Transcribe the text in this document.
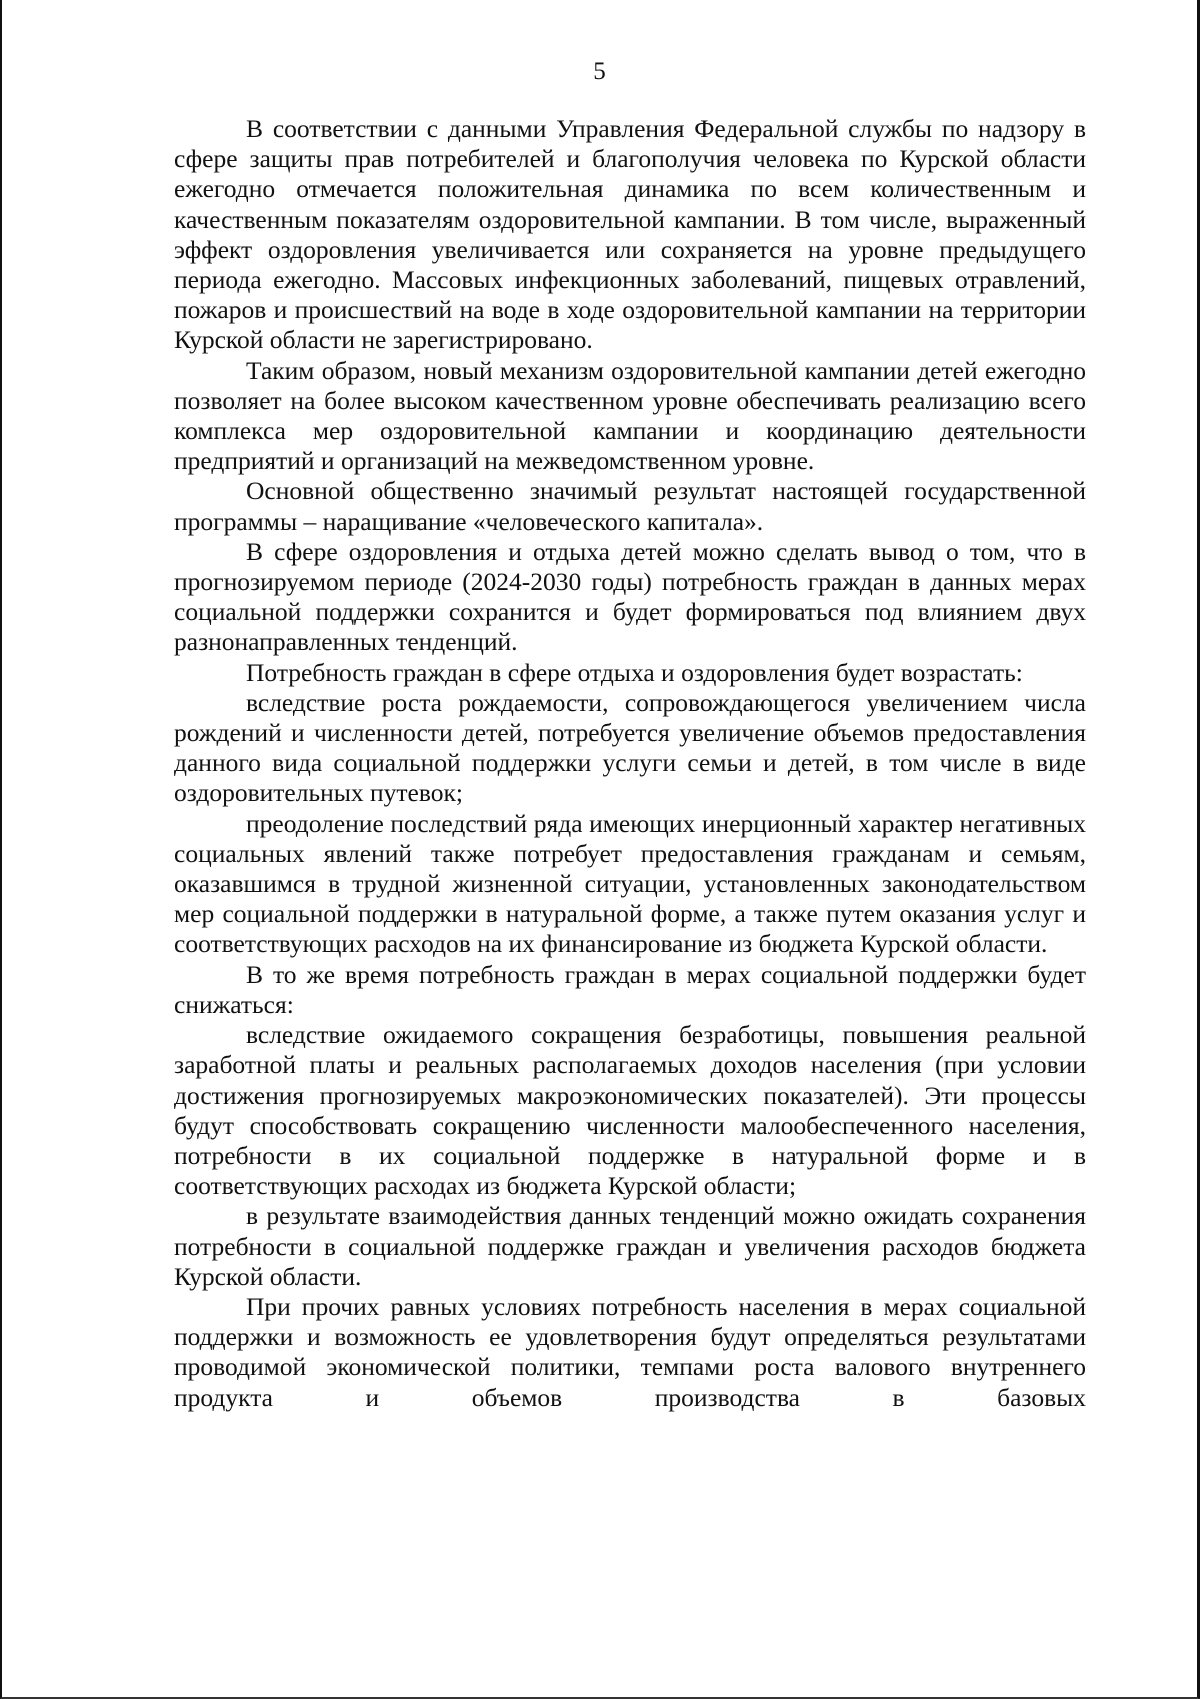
5

В соответствии с данными Управления Федеральной службы по надзору в сфере защиты прав потребителей и благополучия человека по Курской области ежегодно отмечается положительная динамика по всем количественным и качественным показателям оздоровительной кампании. В том числе, выраженный эффект оздоровления увеличивается или сохраняется на уровне предыдущего периода ежегодно. Массовых инфекционных заболеваний, пищевых отравлений, пожаров и происшествий на воде в ходе оздоровительной кампании на территории Курской области не зарегистрировано.

Таким образом, новый механизм оздоровительной кампании детей ежегодно позволяет на более высоком качественном уровне обеспечивать реализацию всего комплекса мер оздоровительной кампании и координацию деятельности предприятий и организаций на межведомственном уровне.

Основной общественно значимый результат настоящей государственной программы – наращивание «человеческого капитала».

В сфере оздоровления и отдыха детей можно сделать вывод о том, что в прогнозируемом периоде (2024-2030 годы) потребность граждан в данных мерах социальной поддержки сохранится и будет формироваться под влиянием двух разнонаправленных тенденций.

Потребность граждан в сфере отдыха и оздоровления будет возрастать:

вследствие роста рождаемости, сопровождающегося увеличением числа рождений и численности детей, потребуется увеличение объемов предоставления данного вида социальной поддержки услуги семьи и детей, в том числе в виде оздоровительных путевок;

преодоление последствий ряда имеющих инерционный характер негативных социальных явлений также потребует предоставления гражданам и семьям, оказавшимся в трудной жизненной ситуации, установленных законодательством мер социальной поддержки в натуральной форме, а также путем оказания услуг и соответствующих расходов на их финансирование из бюджета Курской области.

В то же время потребность граждан в мерах социальной поддержки будет снижаться:

вследствие ожидаемого сокращения безработицы, повышения реальной заработной платы и реальных располагаемых доходов населения (при условии достижения прогнозируемых макроэкономических показателей). Эти процессы будут способствовать сокращению численности малообеспеченного населения, потребности в их социальной поддержке в натуральной форме и в соответствующих расходах из бюджета Курской области;

в результате взаимодействия данных тенденций можно ожидать сохранения потребности в социальной поддержке граждан и увеличения расходов бюджета Курской области.

При прочих равных условиях потребность населения в мерах социальной поддержки и возможность ее удовлетворения будут определяться результатами проводимой экономической политики, темпами роста валового внутреннего продукта и объемов производства в базовых
